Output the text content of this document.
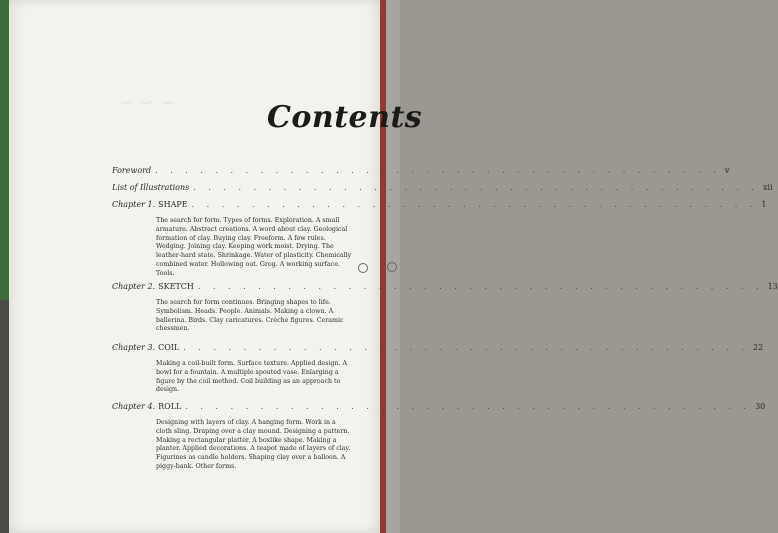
~ ~ ~	Contents
Foreword . . . . . . . . . . . . . . . . . . . . . . . . . . . . . . . . . . . . . . v
List of Illustrations . . . . . . . . . . . . . . . . . . . . . . . . . . . . . . . . . . . . . . xii
Chapter 1. SHAPE . . . . . . . . . . . . . . . . . . . . . . . . . . . . . . . . . . . . . . 1
The search for form. Types of forms. Exploration. A small armature. Abstract creations. A word about clay. Geological formation of clay. Buying clay. Freeform. A few rules. Wedging. Joining clay. Keeping work moist. Drying. The leather-hard state. Shrinkage. Water of plasticity. Chemically combined water. Hollowing out. Grog. A working surface. Tools.
Chapter 2. SKETCH . . . . . . . . . . . . . . . . . . . . . . . . . . . . . . . . . . . . . . 13
The search for form continues. Bringing shapes to life. Symbolism. Heads. People. Animals. Making a clown. A ballerina. Birds. Clay caricatures. Crèche figures. Ceramic chessmen.
Chapter 3. COIL . . . . . . . . . . . . . . . . . . . . . . . . . . . . . . . . . . . . . . 22
Making a coil-built form. Surface texture. Applied design. A bowl for a fountain. A multiple spouted vase. Enlarging a figure by the coil method. Coil building as an approach to design.
Chapter 4. ROLL . . . . . . . . . . . . . . . . . . . . . . . . . . . . . . . . . . . . . . 30
Designing with layers of clay. A hanging form. Work in a cloth sling. Draping over a clay mound. Designing a pattern. Making a rectangular platter. A boxlike shape. Making a planter. Applied decorations. A teapot made of layers of clay. Figurines as candle holders. Shaping clay over a balloon. A piggy-bank. Other forms.
